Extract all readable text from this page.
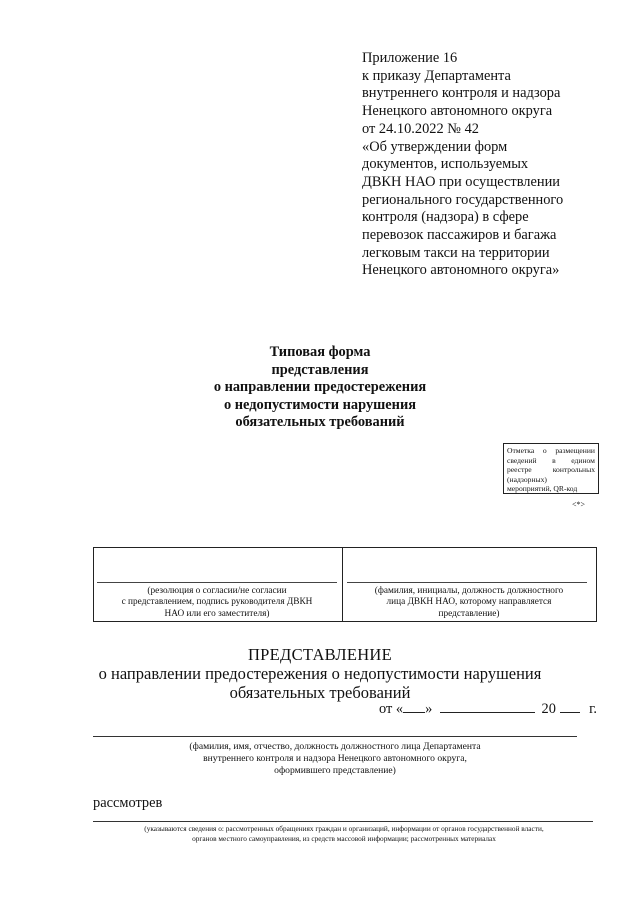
Приложение 16
к приказу Департамента
внутреннего контроля и надзора
Ненецкого автономного округа
от 24.10.2022 № 42
«Об утверждении форм
документов, используемых
ДВКН НАО при осуществлении
регионального государственного
контроля (надзора) в сфере
перевозок пассажиров и багажа
легковым такси на территории
Ненецкого автономного округа»
Типовая форма
представления
о направлении предостережения
о недопустимости нарушения
обязательных требований
Отметка о размещении
сведений в едином
реестре контрольных
(надзорных)
мероприятий, QR-код
<*>
(резолюция о согласии/не согласии
с представлением, подпись руководителя ДВКН
НАО или его заместителя)
(фамилия, инициалы, должность должностного
лица ДВКН НАО, которому направляется
представление)
ПРЕДСТАВЛЕНИЕ
о направлении предостережения о недопустимости нарушения
обязательных требований
от « »	20 г.
(фамилия, имя, отчество, должность должностного лица Департамента
внутреннего контроля и надзора Ненецкого автономного округа,
оформившего представление)
рассмотрев
(указываются сведения о: рассмотренных обращениях граждан и организаций, информации от органов государственной власти,
органов местного самоуправления, из средств массовой информации; рассмотренных материалах
